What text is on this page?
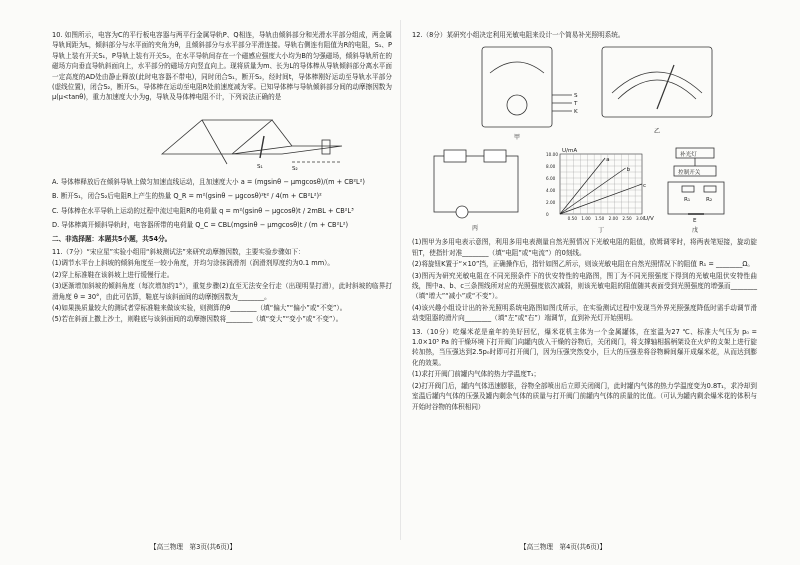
10. 如图所示，电容为C的平行板电容器与两平行金属导轨P、Q相连，导轨由倾斜部分和光滑水平部分组成，两金属导轨间距为L，倾斜部分与水平面的夹角为θ，且倾斜部分与水平部分平滑连接。导轨右侧连有阻值为R的电阻，S₁、P导轨上装有开关S₁，P导轨上装有开关S₂，在水平导轨间存在一个磁感应强度大小均为B的匀强磁场，倾斜导轨所在的磁场方向垂直导轨斜面向上，水平部分的磁场方向竖直向上。现将质量为m、长为L的导体棒从导轨倾斜部分离水平面一定高度的AD处由静止释放(此时电容器不带电)，同时闭合S₁，断开S₂，经时间t，导体棒刚好运动至导轨水平部分(虚线位置)，闭合S₂，断开S₁，导体棒在运动至电阻R处前速度减为零。已知导体棒与导轨倾斜部分间的动摩擦因数为μ(μ<tanθ)，重力加速度大小为g，导轨及导体棒电阻不计，下列说法正确的是

S₁	S₂

A. 导体棒释放后在倾斜导轨上做匀加速直线运动，且加速度大小 a = (mgsinθ − μmgcosθ)/(m + CB²L²)

B. 断开S₁，闭合S₂后电阻R上产生的热量 Q_R = m²(gsinθ − μgcosθ)²t² / 4(m + CB²L²)²

C. 导体棒在水平导轨上运动的过程中流过电阻R的电荷量 q = m²(gsinθ − μgcosθ)t / 2mBL + CB²L³

D. 导体棒离开倾斜导轨时，电容器所带的电荷量 Q_C = CBL(mgsinθ − μmgcosθ)t / (m + CB²L²)

二、非选择题：本题共5小题，共54分。

11.（7分）“宋应星”实验小组用“斜坡测试法”来研究动摩擦因数，主要实验步骤如下：

(1)调节水平台上斜坡的倾斜角度至一较小角度，并均匀涂抹润滑剂（润滑剂厚度约为0.1 mm）。

(2)穿上标准鞋在该斜坡上进行缓慢行走。

(3)逐渐增加斜坡的倾斜角度（每次增加约1°），重复步骤(2)直至无法安全行走（出现明显打滑），此时斜坡的临界打滑角度 θ = 30°，由此可估算，鞋底与该斜面间的动摩擦因数为________。

(4)如果换质量较大的测试者穿标准鞋来做该实验，则测算的θ________（填“偏大”“偏小”或“不变”）。

(5)若在斜面上撒上沙土，则鞋底与该斜面间的动摩擦因数将________（填“变大”“变小”或“不变”）。

【高三物理　第3页(共6页)】

12.（8分）某研究小组决定利用光敏电阻来设计一个简易补光照明系统。

S
T
K
甲
乙
丙
10.00
8.00
6.00
4.00
2.00
0
0.50 1.00 1.50 2.00 2.50 3.00
a
b
c
U/mA
U/V
丁
补光灯
控制开关
R₁	R₂
E
戊

(1)图甲为多用电表示意图，利用多用电表测量自然光照情况下光敏电阻的阻值，欧姆调零时，将两表笔短接，旋动旋钮T，使指针对准________（填“电阻”或“电流”）的0刻线。

(2)将旋钮K置于“×10”挡，正确操作后，指针如图乙所示，则该光敏电阻在自然光照情况下的阻值 R₁ = ________Ω。

(3)图丙为研究光敏电阻在不同光照条件下的伏安特性的电路图，图丁为不同光照强度下得到的光敏电阻伏安特性曲线，图中a、b、c三条图线所对应的光照强度依次减弱，则该光敏电阻的阻值随其表面受到光照强度的增强而________（填“增大”“减小”或“不变”）。

(4)该兴趣小组设计出的补光照明系统电路图如图戊所示，在实验测试过程中发现当外界光照强度降低时需手动调节滑动变阻器的滑片向________（填“左”或“右”）端调节，直到补光灯开始照明。

13.（10分）吃爆米花是童年的美好回忆，爆米花机主体为一个金属罐体，在室温为27 ℃、标准大气压为 p₀ = 1.0×10⁵ Pa 的干燥环境下打开阀门向罐内放入干燥的谷物后，关闭阀门，将支撑轴相摇柄架设在火炉的支架上进行旋转加热，当压强达到2.5p₀时即可打开阀门，因为压强突然变小，巨大的压强差将谷物瞬间爆开成爆米花，从而达到膨化的效果。

(1)求打开阀门前罐内气体的热力学温度T₁；

(2)打开阀门后，罐内气体迅速膨胀，谷物全部喷出后立即关闭阀门，此时罐内气体的热力学温度变为0.8T₁，求冷却到室温后罐内气体的压强及罐内剩余气体的质量与打开阀门前罐内气体的质量的比值。（可认为罐内剩余爆米花的体积与开始时谷物的体积相同）

【高三物理　第4页(共6页)】
